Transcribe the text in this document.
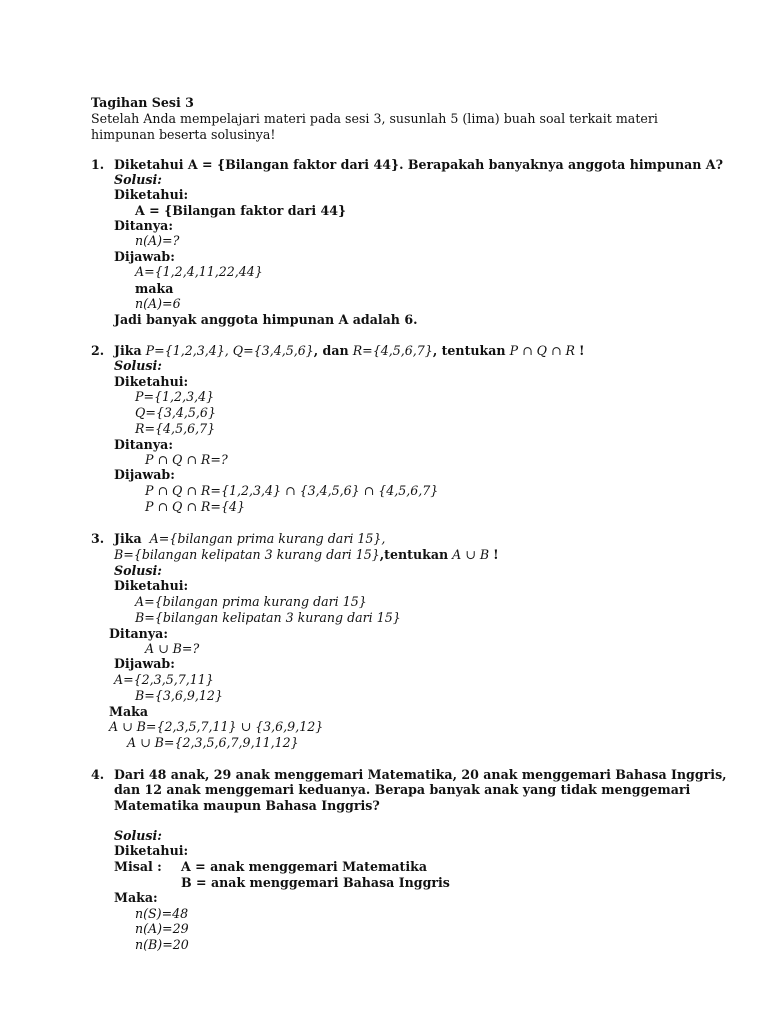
Tagihan Sesi 3
Setelah Anda mempelajari materi pada sesi 3, susunlah 5 (lima) buah soal terkait materi
himpunan beserta solusinya!
1. Diketahui A = {Bilangan faktor dari 44}. Berapakah banyaknya anggota himpunan A?
Solusi:
Diketahui:
A = {Bilangan faktor dari 44}
Ditanya:
n(A)=?
Dijawab:
A={1,2,4,11,22,44}
maka
n(A)=6
Jadi banyak anggota himpunan A adalah 6.
2. Jika P={1,2,3,4}, Q={3,4,5,6}, dan R={4,5,6,7}, tentukan P ∩ Q ∩ R !
Solusi:
Diketahui:
P={1,2,3,4}
Q={3,4,5,6}
R={4,5,6,7}
Ditanya:
P ∩ Q ∩ R=?
Dijawab:
P ∩ Q ∩ R={1,2,3,4} ∩ {3,4,5,6} ∩ {4,5,6,7}
P ∩ Q ∩ R={4}
3. Jika A={bilangan prima kurang dari 15},
B={bilangan kelipatan 3 kurang dari 15},tentukan A ∪ B !
Solusi:
Diketahui:
A={bilangan prima kurang dari 15}
B={bilangan kelipatan 3 kurang dari 15}
Ditanya:
A ∪ B=?
Dijawab:
A={2,3,5,7,11}
B={3,6,9,12}
Maka
A ∪ B={2,3,5,7,11} ∪ {3,6,9,12}
A ∪ B={2,3,5,6,7,9,11,12}
4. Dari 48 anak, 29 anak menggemari Matematika, 20 anak menggemari Bahasa Inggris,
dan 12 anak menggemari keduanya. Berapa banyak anak yang tidak menggemari
Matematika maupun Bahasa Inggris?
Solusi:
Diketahui:
Misal : A = anak menggemari Matematika
B = anak menggemari Bahasa Inggris
Maka:
n(S)=48
n(A)=29
n(B)=20
